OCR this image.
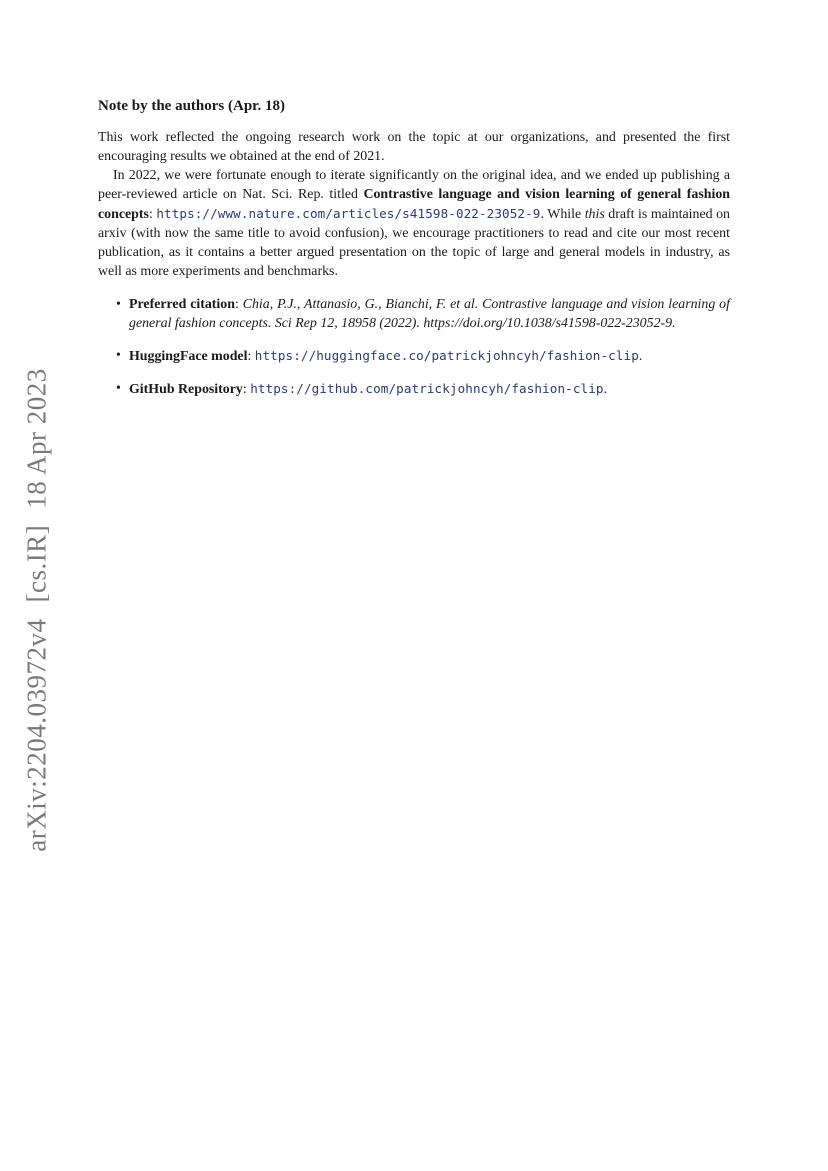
arXiv:2204.03972v4[cs.IR]18 Apr 2023
Note by the authors (Apr. 18)

This work reflected the ongoing research work on the topic at our organizations, and presented the first encouraging results we obtained at the end of 2021.

In 2022, we were fortunate enough to iterate significantly on the original idea, and we ended up publishing a peer-reviewed article on Nat. Sci. Rep. titled Contrastive language and vision learning of general fashion concepts: https://www.nature.com/articles/s41598-022-23052-9. While this draft is maintained on arxiv (with now the same title to avoid confusion), we encourage practitioners to read and cite our most recent publication, as it contains a better argued presentation on the topic of large and general models in industry, as well as more experiments and benchmarks.

• Preferred citation: Chia, P.J., Attanasio, G., Bianchi, F. et al. Contrastive language and vision learning of general fashion concepts. Sci Rep 12, 18958 (2022). https://doi.org/10.1038/s41598-022-23052-9.
• HuggingFace model: https://huggingface.co/patrickjohncyh/fashion-clip.
• GitHub Repository: https://github.com/patrickjohncyh/fashion-clip.
